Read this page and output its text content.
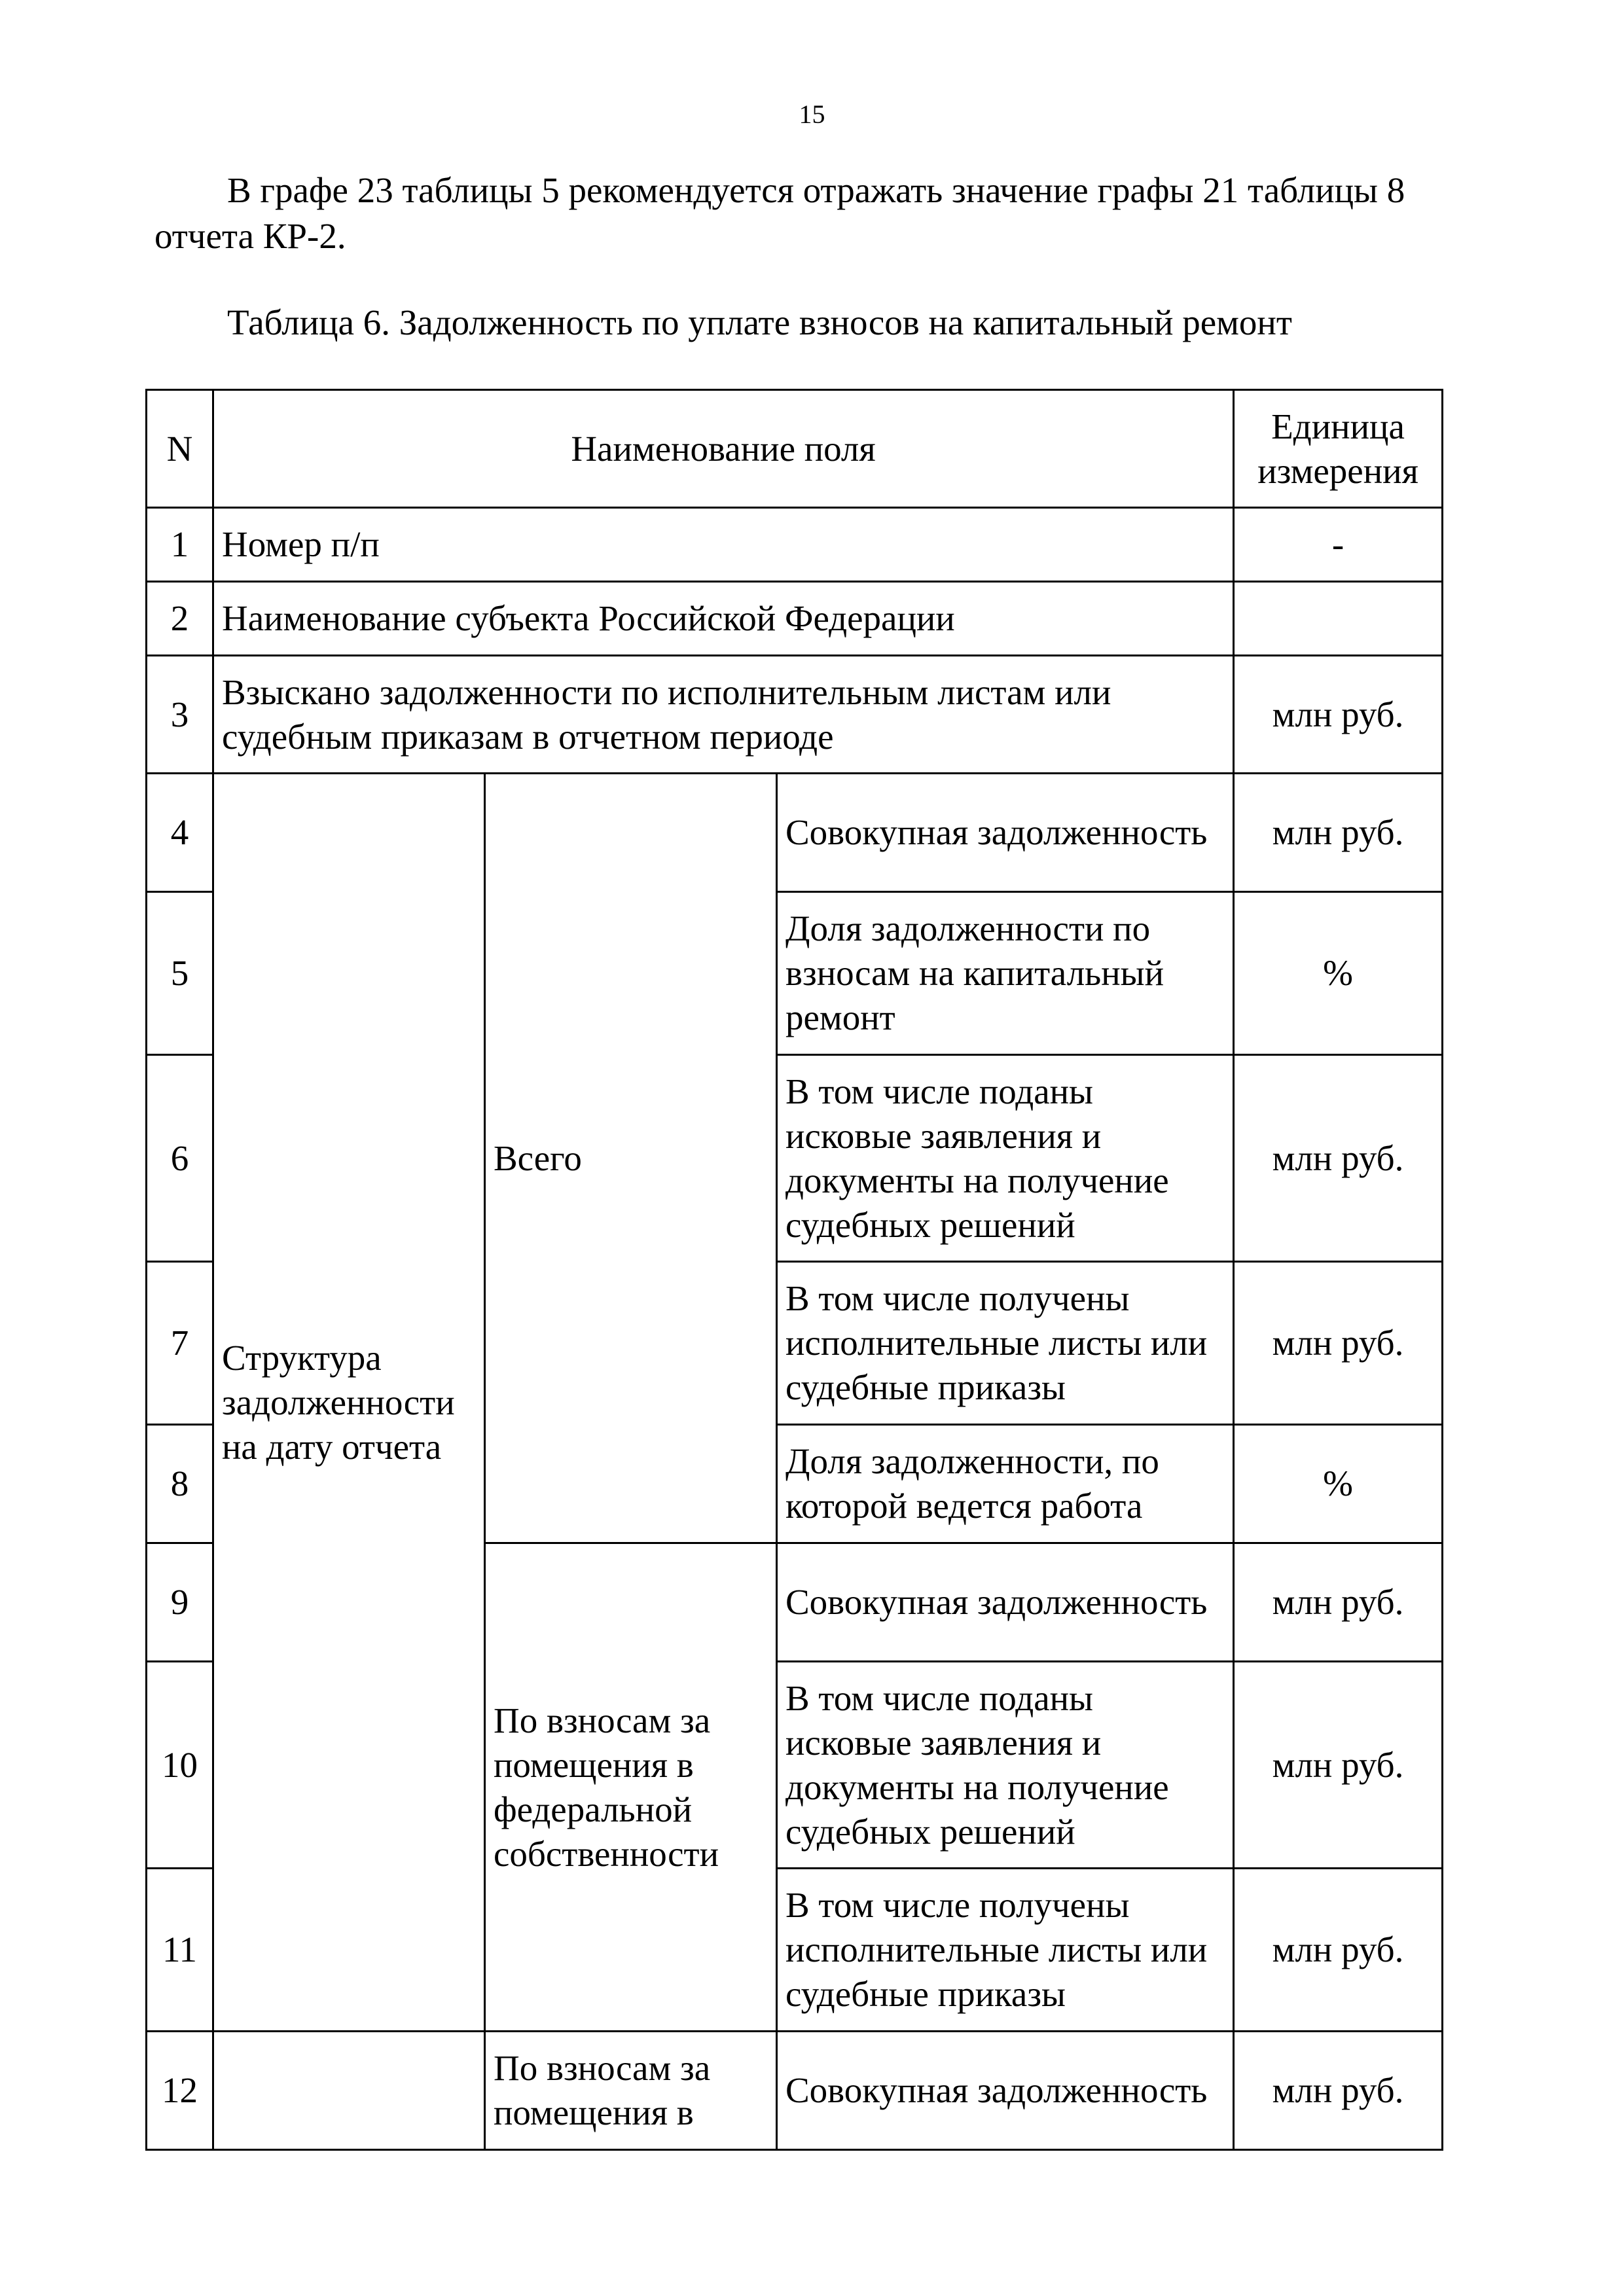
15

В графе 23 таблицы 5 рекомендуется отражать значение графы 21 таблицы 8 отчета КР-2.

Таблица 6. Задолженность по уплате взносов на капитальный ремонт

N	Наименование поля			Единица измерения
1	Номер п/п			-
2	Наименование субъекта Российской Федерации			
3	Взыскано задолженности по исполнительным листам или судебным приказам в отчетном периоде			млн руб.
4	Структура задолженности на дату отчета	Всего	Совокупная задолженность	млн руб.
5			Доля задолженности по взносам на капитальный ремонт	%
6			В том числе поданы исковые заявления и документы на получение судебных решений	млн руб.
7			В том числе получены исполнительные листы или судебные приказы	млн руб.
8			Доля задолженности, по которой ведется работа	%
9		По взносам за помещения в федеральной собственности	Совокупная задолженность	млн руб.
10			В том числе поданы исковые заявления и документы на получение судебных решений	млн руб.
11			В том числе получены исполнительные листы или судебные приказы	млн руб.
12		По взносам за помещения в	Совокупная задолженность	млн руб.
